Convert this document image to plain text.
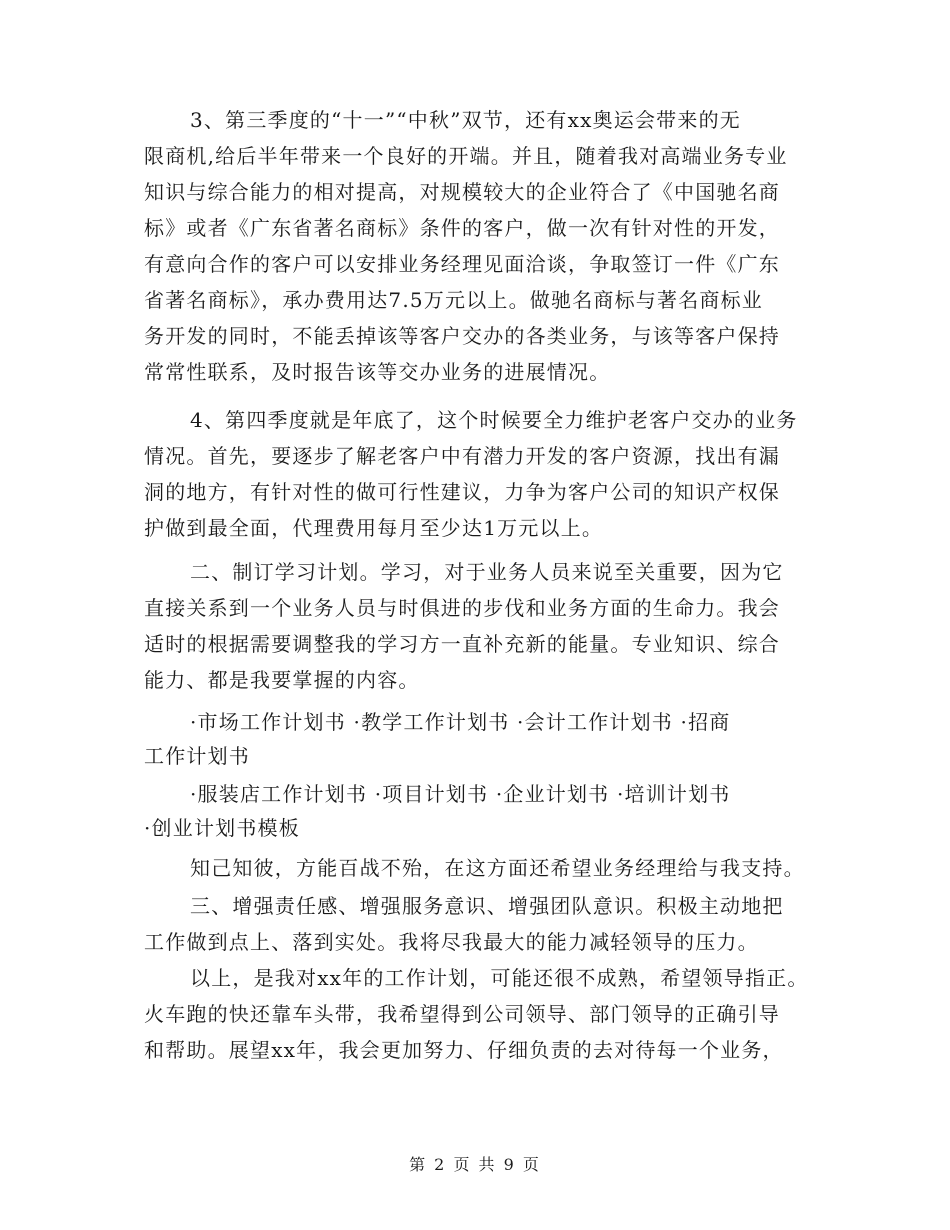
3、第三季度的“十一”“中秋”双节，还有xx奥运会带来的无
限商机,给后半年带来一个良好的开端。并且，随着我对高端业务专业
知识与综合能力的相对提高，对规模较大的企业符合了《中国驰名商
标》或者《广东省著名商标》条件的客户，做一次有针对性的开发，
有意向合作的客户可以安排业务经理见面洽谈，争取签订一件《广东
省著名商标》，承办费用达7.5万元以上。做驰名商标与著名商标业
务开发的同时，不能丢掉该等客户交办的各类业务，与该等客户保持
常常性联系，及时报告该等交办业务的进展情况。
4、第四季度就是年底了，这个时候要全力维护老客户交办的业务
情况。首先，要逐步了解老客户中有潜力开发的客户资源，找出有漏
洞的地方，有针对性的做可行性建议，力争为客户公司的知识产权保
护做到最全面，代理费用每月至少达1万元以上。
二、制订学习计划。学习，对于业务人员来说至关重要，因为它
直接关系到一个业务人员与时俱进的步伐和业务方面的生命力。我会
适时的根据需要调整我的学习方一直补充新的能量。专业知识、综合
能力、都是我要掌握的内容。
·市场工作计划书 ·教学工作计划书 ·会计工作计划书 ·招商
工作计划书
·服装店工作计划书 ·项目计划书 ·企业计划书 ·培训计划书
·创业计划书模板
知己知彼，方能百战不殆，在这方面还希望业务经理给与我支持。
三、增强责任感、增强服务意识、增强团队意识。积极主动地把
工作做到点上、落到实处。我将尽我最大的能力减轻领导的压力。
以上，是我对xx年的工作计划，可能还很不成熟，希望领导指正。
火车跑的快还靠车头带，我希望得到公司领导、部门领导的正确引导
和帮助。展望xx年，我会更加努力、仔细负责的去对待每一个业务，
第 2 页 共 9 页
